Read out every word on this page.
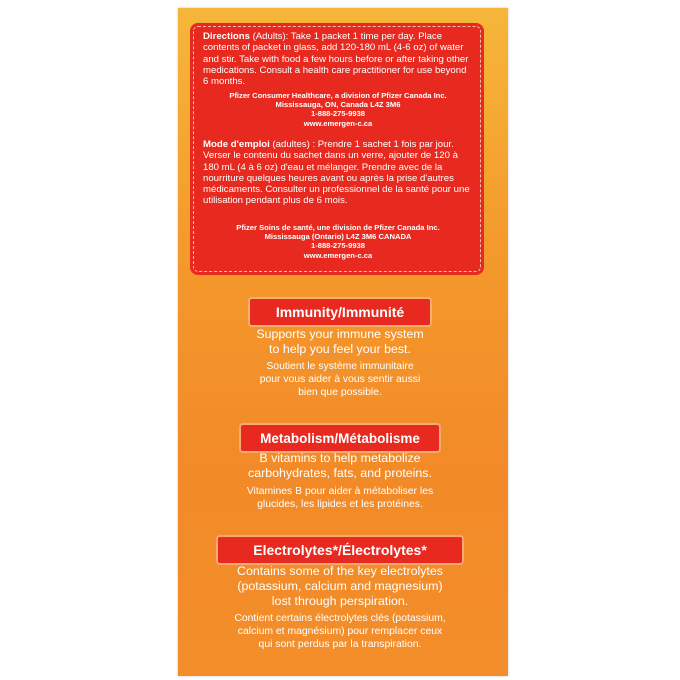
Directions (Adults): Take 1 packet 1 time per day. Place contents of packet in glass, add 120-180 mL (4-6 oz) of water and stir. Take with food a few hours before or after taking other medications. Consult a health care practitioner for use beyond 6 months.
Pfizer Consumer Healthcare, a division of Pfizer Canada Inc.
Mississauga, ON, Canada L4Z 3M6
1-888-275-9938
www.emergen-c.ca
Mode d'emploi (adultes) : Prendre 1 sachet 1 fois par jour. Verser le contenu du sachet dans un verre, ajouter de 120 à 180 mL (4 à 6 oz) d'eau et mélanger. Prendre avec de la nourriture quelques heures avant ou après la prise d'autres médicaments. Consulter un professionnel de la santé pour une utilisation pendant plus de 6 mois.
Pfizer Soins de santé, une division de Pfizer Canada Inc.
Mississauga (Ontario) L4Z 3M6 CANADA
1-888-275-9938
www.emergen-c.ca
Immunity/Immunité
Supports your immune system
to help you feel your best.
Soutient le système immunitaire
pour vous aider à vous sentir aussi
bien que possible.
Metabolism/Métabolisme
B vitamins to help metabolize
carbohydrates, fats, and proteins.
Vitamines B pour aider à métaboliser les
glucides, les lipides et les protéines.
Electrolytes*/Électrolytes*
Contains some of the key electrolytes
(potassium, calcium and magnesium)
lost through perspiration.
Contient certains électrolytes clés (potassium,
calcium et magnésium) pour remplacer ceux
qui sont perdus par la transpiration.
